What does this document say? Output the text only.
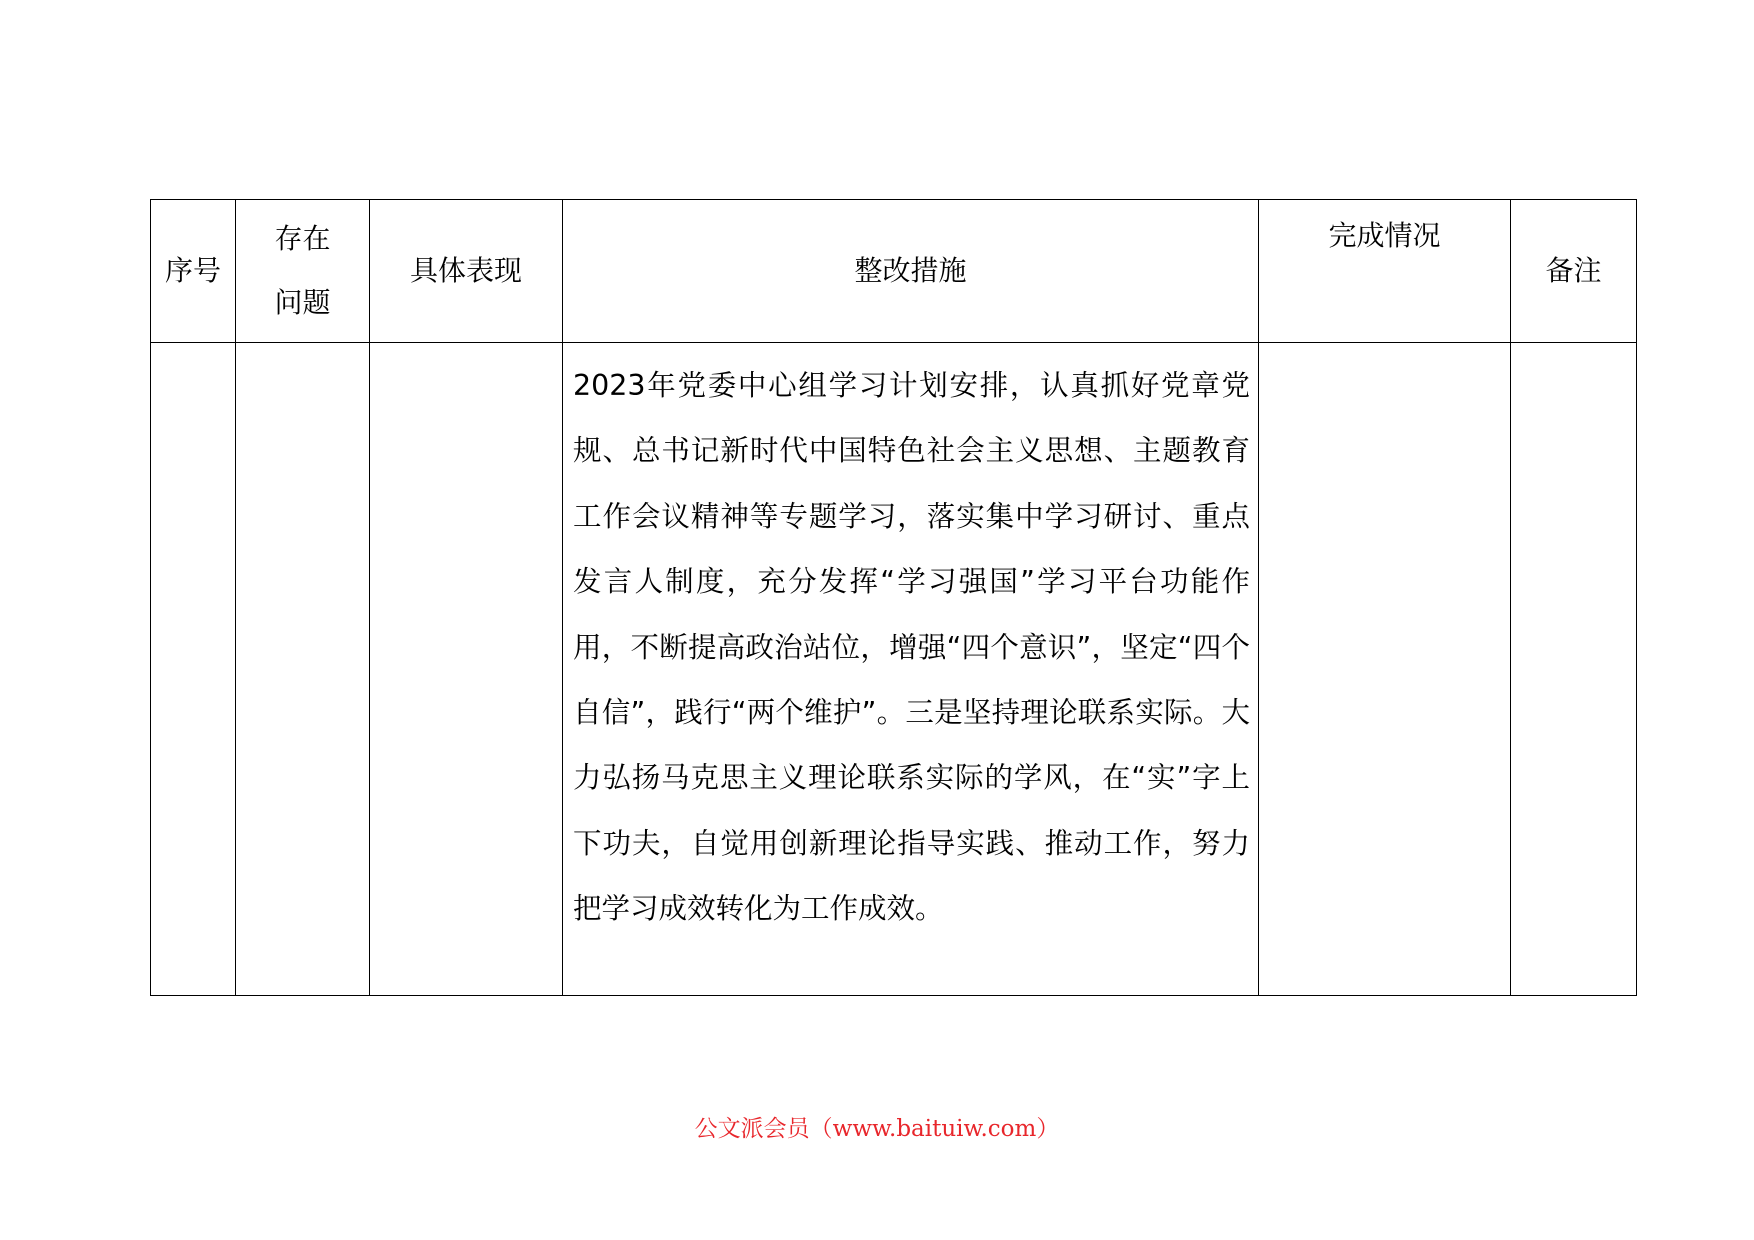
序号	存在问题	具体表现	整改措施	完成情况	备注

			2023年党委中心组学习计划安排，认真抓好党章党规、总书记新时代中国特色社会主义思想、主题教育工作会议精神等专题学习，落实集中学习研讨、重点发言人制度，充分发挥“学习强国”学习平台功能作用，不断提高政治站位，增强“四个意识”，坚定“四个自信”，践行“两个维护”。三是坚持理论联系实际。大力弘扬马克思主义理论联系实际的学风，在“实”字上下功夫，自觉用创新理论指导实践、推动工作，努力把学习成效转化为工作成效。		

公文派会员（www.baituiw.com）
